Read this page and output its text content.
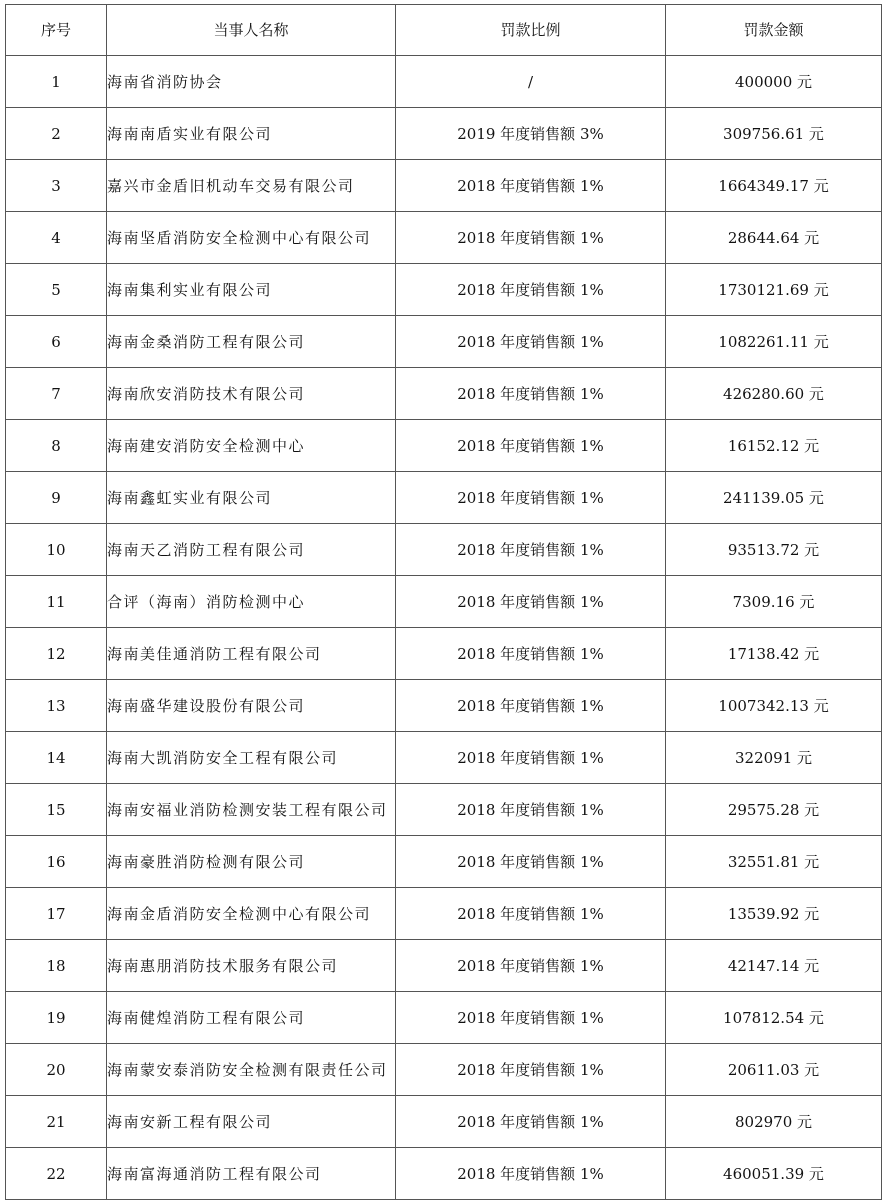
序号	当事人名称	罚款比例	罚款金额
1	海南省消防协会	/	400000 元
2	海南南盾实业有限公司	2019 年度销售额 3%	309756.61 元
3	嘉兴市金盾旧机动车交易有限公司	2018 年度销售额 1%	1664349.17 元
4	海南坚盾消防安全检测中心有限公司	2018 年度销售额 1%	28644.64 元
5	海南集利实业有限公司	2018 年度销售额 1%	1730121.69 元
6	海南金桑消防工程有限公司	2018 年度销售额 1%	1082261.11 元
7	海南欣安消防技术有限公司	2018 年度销售额 1%	426280.60 元
8	海南建安消防安全检测中心	2018 年度销售额 1%	16152.12 元
9	海南鑫虹实业有限公司	2018 年度销售额 1%	241139.05 元
10	海南天乙消防工程有限公司	2018 年度销售额 1%	93513.72 元
11	合评（海南）消防检测中心	2018 年度销售额 1%	7309.16 元
12	海南美佳通消防工程有限公司	2018 年度销售额 1%	17138.42 元
13	海南盛华建设股份有限公司	2018 年度销售额 1%	1007342.13 元
14	海南大凯消防安全工程有限公司	2018 年度销售额 1%	322091 元
15	海南安福业消防检测安装工程有限公司	2018 年度销售额 1%	29575.28 元
16	海南豪胜消防检测有限公司	2018 年度销售额 1%	32551.81 元
17	海南金盾消防安全检测中心有限公司	2018 年度销售额 1%	13539.92 元
18	海南惠朋消防技术服务有限公司	2018 年度销售额 1%	42147.14 元
19	海南健煌消防工程有限公司	2018 年度销售额 1%	107812.54 元
20	海南蒙安泰消防安全检测有限责任公司	2018 年度销售额 1%	20611.03 元
21	海南安新工程有限公司	2018 年度销售额 1%	802970 元
22	海南富海通消防工程有限公司	2018 年度销售额 1%	460051.39 元
